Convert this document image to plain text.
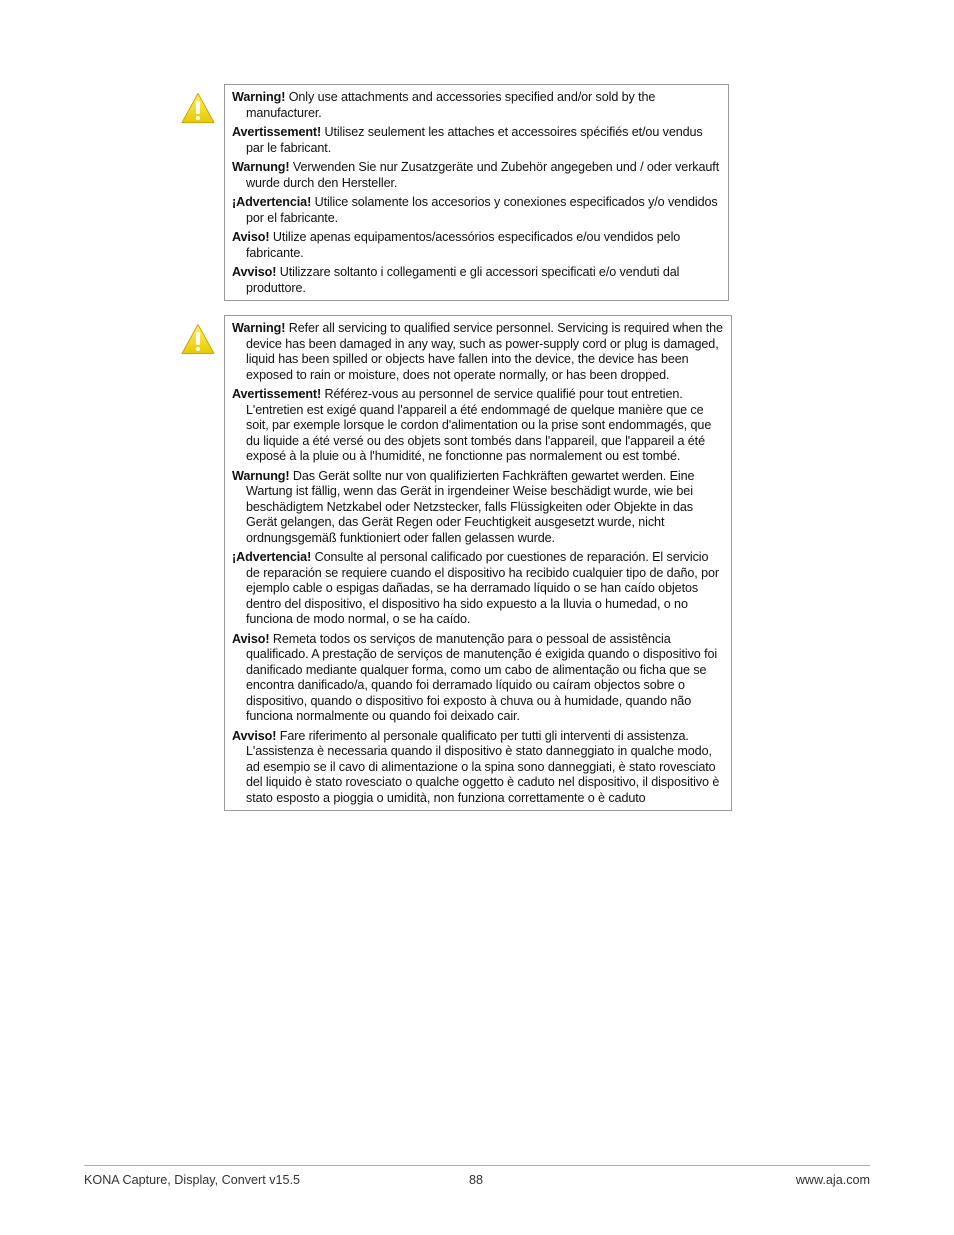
Warning! Only use attachments and accessories specified and/or sold by the manufacturer.

Avertissement! Utilisez seulement les attaches et accessoires spécifiés et/ou vendus par le fabricant.

Warnung! Verwenden Sie nur Zusatzgeräte und Zubehör angegeben und / oder verkauft wurde durch den Hersteller.

¡Advertencia! Utilice solamente los accesorios y conexiones especificados y/o vendidos por el fabricante.

Aviso! Utilize apenas equipamentos/acessórios especificados e/ou vendidos pelo fabricante.

Avviso! Utilizzare soltanto i collegamenti e gli accessori specificati e/o venduti dal produttore.

Warning! Refer all servicing to qualified service personnel. Servicing is required when the device has been damaged in any way, such as power-supply cord or plug is damaged, liquid has been spilled or objects have fallen into the device, the device has been exposed to rain or moisture, does not operate normally, or has been dropped.

Avertissement! Référez-vous au personnel de service qualifié pour tout entretien. L'entretien est exigé quand l'appareil a été endommagé de quelque manière que ce soit, par exemple lorsque le cordon d'alimentation ou la prise sont endommagés, que du liquide a été versé ou des objets sont tombés dans l'appareil, que l'appareil a été exposé à la pluie ou à l'humidité, ne fonctionne pas normalement ou est tombé.

Warnung! Das Gerät sollte nur von qualifizierten Fachkräften gewartet werden. Eine Wartung ist fällig, wenn das Gerät in irgendeiner Weise beschädigt wurde, wie bei beschädigtem Netzkabel oder Netzstecker, falls Flüssigkeiten oder Objekte in das Gerät gelangen, das Gerät Regen oder Feuchtigkeit ausgesetzt wurde, nicht ordnungsgemäß funktioniert oder fallen gelassen wurde.

¡Advertencia! Consulte al personal calificado por cuestiones de reparación. El servicio de reparación se requiere cuando el dispositivo ha recibido cualquier tipo de daño, por ejemplo cable o espigas dañadas, se ha derramado líquido o se han caído objetos dentro del dispositivo, el dispositivo ha sido expuesto a la lluvia o humedad, o no funciona de modo normal, o se ha caído.

Aviso! Remeta todos os serviços de manutenção para o pessoal de assistência qualificado. A prestação de serviços de manutenção é exigida quando o dispositivo foi danificado mediante qualquer forma, como um cabo de alimentação ou ficha que se encontra danificado/a, quando foi derramado líquido ou caíram objectos sobre o dispositivo, quando o dispositivo foi exposto à chuva ou à humidade, quando não funciona normalmente ou quando foi deixado cair.

Avviso! Fare riferimento al personale qualificato per tutti gli interventi di assistenza. L'assistenza è necessaria quando il dispositivo è stato danneggiato in qualche modo, ad esempio se il cavo di alimentazione o la spina sono danneggiati, è stato rovesciato del liquido è stato rovesciato o qualche oggetto è caduto nel dispositivo, il dispositivo è stato esposto a pioggia o umidità, non funziona correttamente o è caduto

KONA Capture, Display, Convert v15.5	88	www.aja.com
